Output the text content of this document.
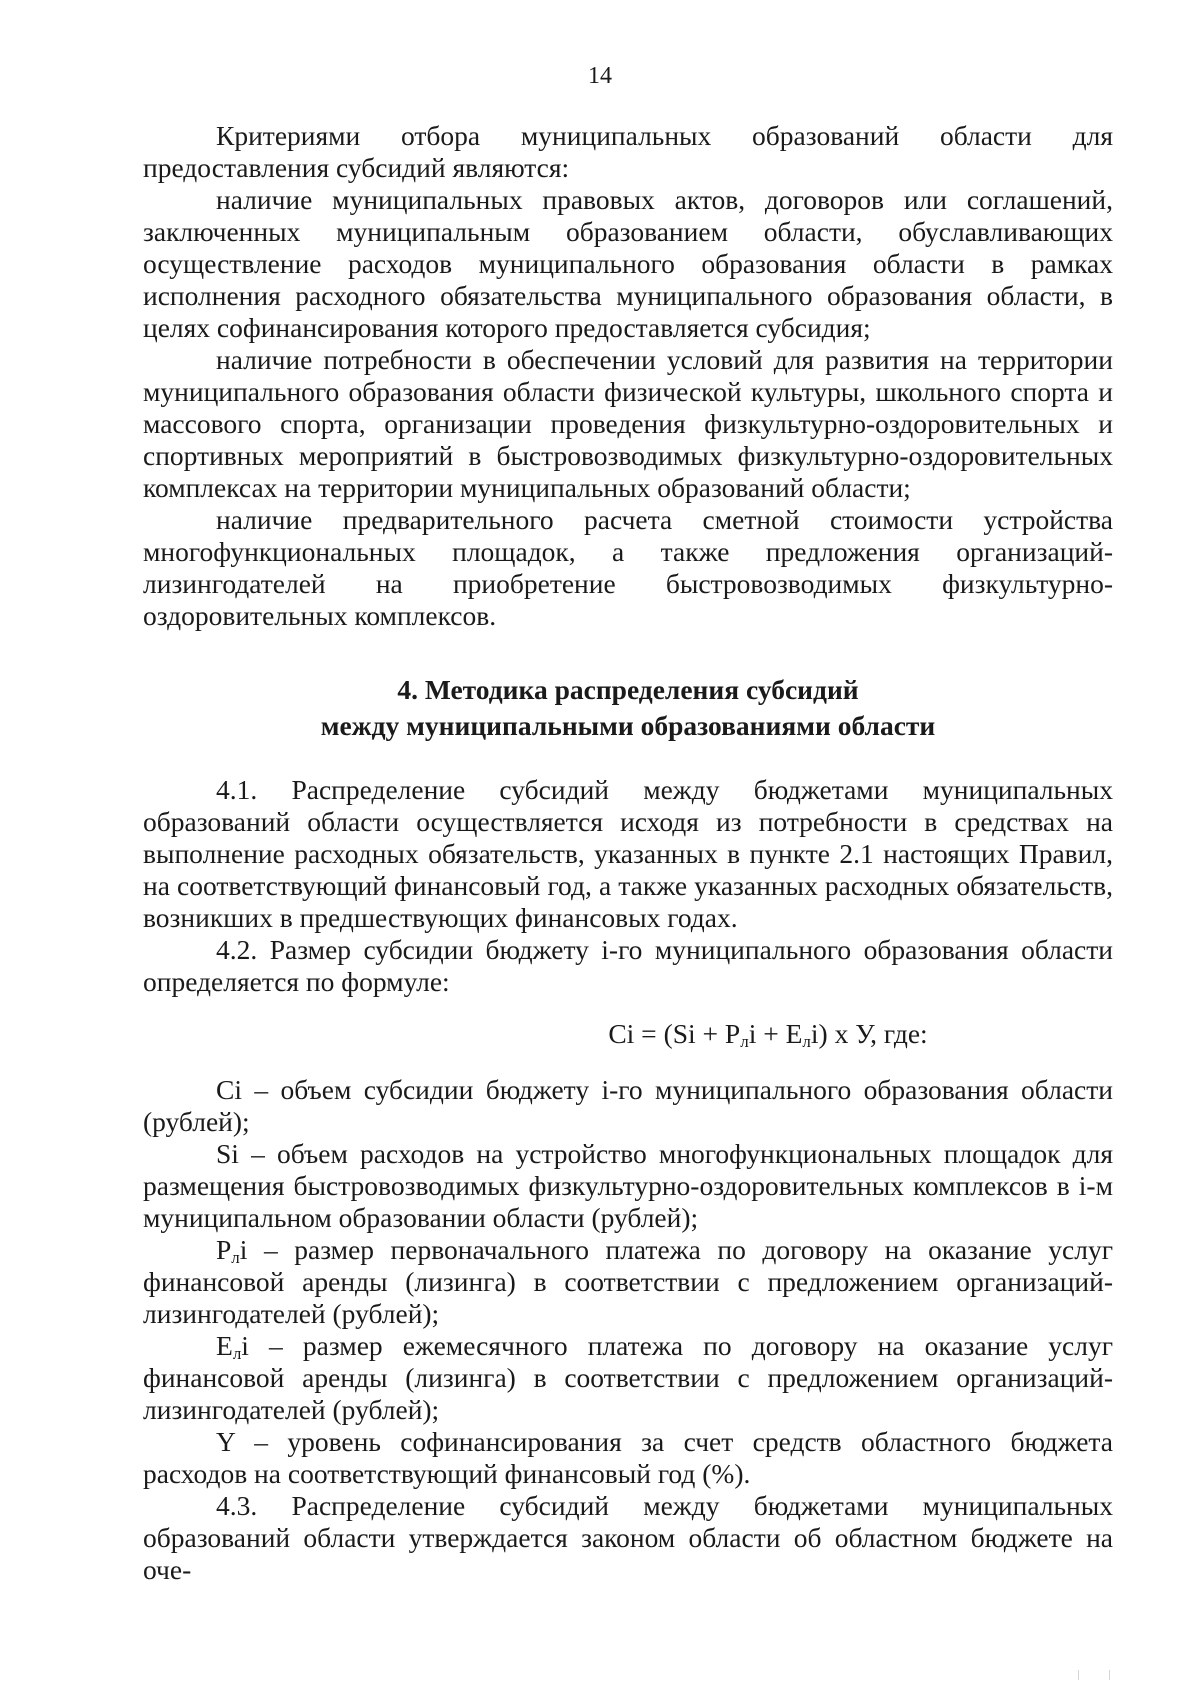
14

Критериями отбора муниципальных образований области для предоставления субсидий являются:

наличие муниципальных правовых актов, договоров или соглашений, заключенных муниципальным образованием области, обуславливающих осуществление расходов муниципального образования области в рамках исполнения расходного обязательства муниципального образования области, в целях софинансирования которого предоставляется субсидия;

наличие потребности в обеспечении условий для развития на территории муниципального образования области физической культуры, школьного спорта и массового спорта, организации проведения физкультурно-оздоровительных и спортивных мероприятий в быстровозводимых физкультурно-оздоровительных комплексах на территории муниципальных образований области;

наличие предварительного расчета сметной стоимости устройства многофункциональных площадок, а также предложения организаций-лизингодателей на приобретение быстровозводимых физкультурно-оздоровительных комплексов.

4. Методика распределения субсидий

между муниципальными образованиями области

4.1. Распределение субсидий между бюджетами муниципальных образований области осуществляется исходя из потребности в средствах на выполнение расходных обязательств, указанных в пункте 2.1 настоящих Правил, на соответствующий финансовый год, а также указанных расходных обязательств, возникших в предшествующих финансовых годах.

4.2. Размер субсидии бюджету i-го муниципального образования области определяется по формуле:

$Ci = (Si + P_лi + E_лi)$ x У, где:

Ci – объем субсидии бюджету i-го муниципального образования области (рублей);

Si – объем расходов на устройство многофункциональных площадок для размещения быстровозводимых физкультурно-оздоровительных комплексов в i-м муниципальном образовании области (рублей);

$P_лi$ – размер первоначального платежа по договору на оказание услуг финансовой аренды (лизинга) в соответствии с предложением организаций-лизингодателей (рублей);

$E_лi$ – размер ежемесячного платежа по договору на оказание услуг финансовой аренды (лизинга) в соответствии с предложением организаций-лизингодателей (рублей);

Y – уровень софинансирования за счет средств областного бюджета расходов на соответствующий финансовый год (%).

4.3. Распределение субсидий между бюджетами муниципальных образований области утверждается законом области об областном бюджете на оче-
